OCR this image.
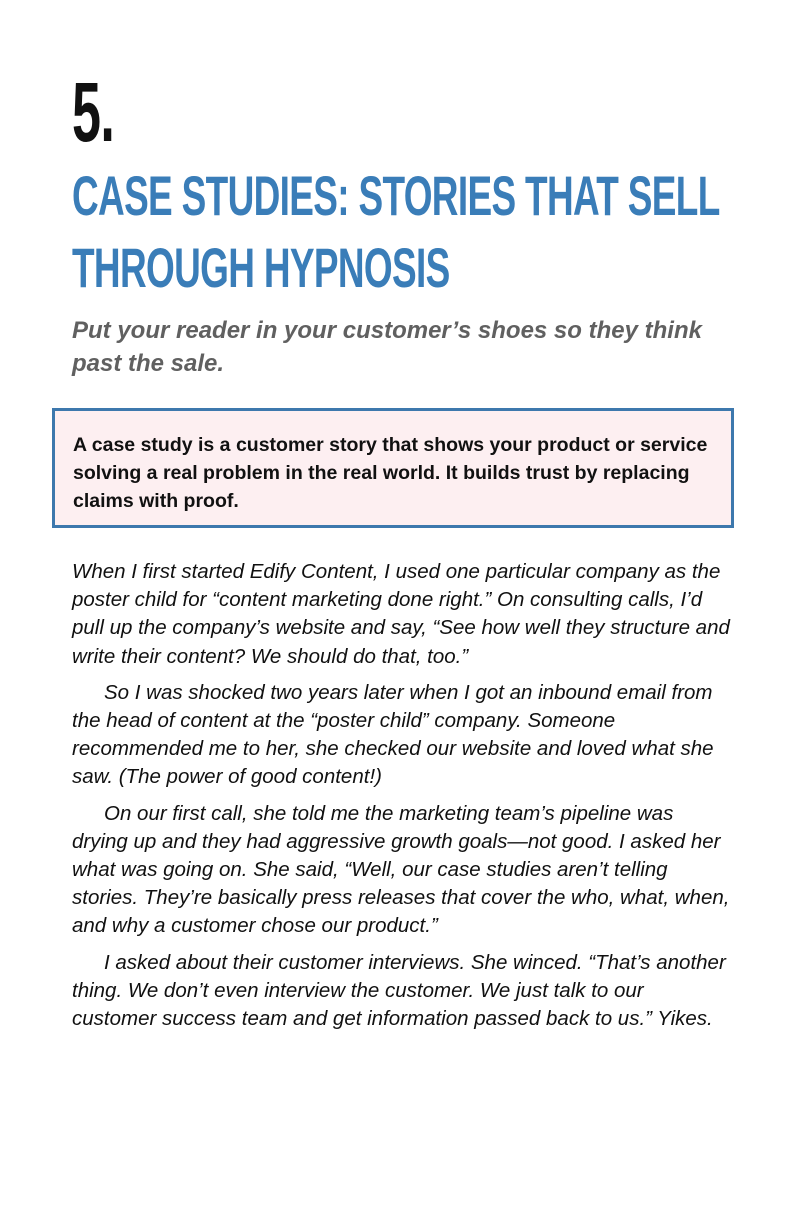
5.
CASE STUDIES: STORIES THAT SELL
THROUGH HYPNOSIS

Put your reader in your customer’s shoes so they think past the sale.

A case study is a customer story that shows your product or service solving a real problem in the real world. It builds trust by replacing claims with proof.

When I first started Edify Content, I used one particular company as the poster child for “content marketing done right.” On consulting calls, I’d pull up the company’s website and say, “See how well they structure and write their content? We should do that, too.”

So I was shocked two years later when I got an inbound email from the head of content at the “poster child” company. Someone recommended me to her, she checked our website and loved what she saw. (The power of good content!)

On our first call, she told me the marketing team’s pipeline was drying up and they had aggressive growth goals—not good. I asked her what was going on. She said, “Well, our case studies aren’t telling stories. They’re basically press releases that cover the who, what, when, and why a customer chose our product.”

I asked about their customer interviews. She winced. “That’s another thing. We don’t even interview the customer. We just talk to our customer success team and get information passed back to us.” Yikes.
